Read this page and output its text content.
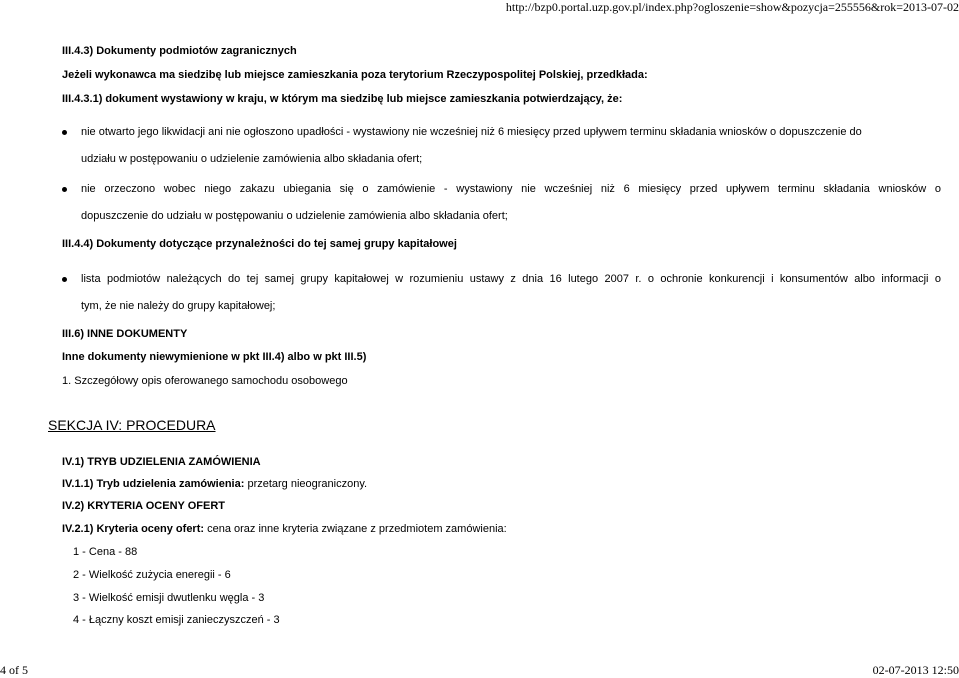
http://bzp0.portal.uzp.gov.pl/index.php?ogloszenie=show&pozycja=255556&rok=2013-07-02
III.4.3) Dokumenty podmiotów zagranicznych
Jeżeli wykonawca ma siedzibę lub miejsce zamieszkania poza terytorium Rzeczypospolitej Polskiej, przedkłada:
III.4.3.1) dokument wystawiony w kraju, w którym ma siedzibę lub miejsce zamieszkania potwierdzający, że:
nie otwarto jego likwidacji ani nie ogłoszono upadłości - wystawiony nie wcześniej niż 6 miesięcy przed upływem terminu składania wniosków o dopuszczenie do
udziału w postępowaniu o udzielenie zamówienia albo składania ofert;
nie orzeczono wobec niego zakazu ubiegania się o zamówienie - wystawiony nie wcześniej niż 6 miesięcy przed upływem terminu składania wniosków o
dopuszczenie do udziału w postępowaniu o udzielenie zamówienia albo składania ofert;
III.4.4) Dokumenty dotyczące przynależności do tej samej grupy kapitałowej
lista podmiotów należących do tej samej grupy kapitałowej w rozumieniu ustawy z dnia 16 lutego 2007 r. o ochronie konkurencji i konsumentów albo informacji o
tym, że nie należy do grupy kapitałowej;
III.6) INNE DOKUMENTY
Inne dokumenty niewymienione w pkt III.4) albo w pkt III.5)
1. Szczegółowy opis oferowanego samochodu osobowego
SEKCJA IV: PROCEDURA
IV.1) TRYB UDZIELENIA ZAMÓWIENIA
IV.1.1) Tryb udzielenia zamówienia: przetarg nieograniczony.
IV.2) KRYTERIA OCENY OFERT
IV.2.1) Kryteria oceny ofert: cena oraz inne kryteria związane z przedmiotem zamówienia:
1 - Cena - 88
2 - Wielkość zużycia eneregii - 6
3 - Wielkość emisji dwutlenku węgla - 3
4 - Łączny koszt emisji zanieczyszczeń - 3
4 of 5	02-07-2013 12:50
